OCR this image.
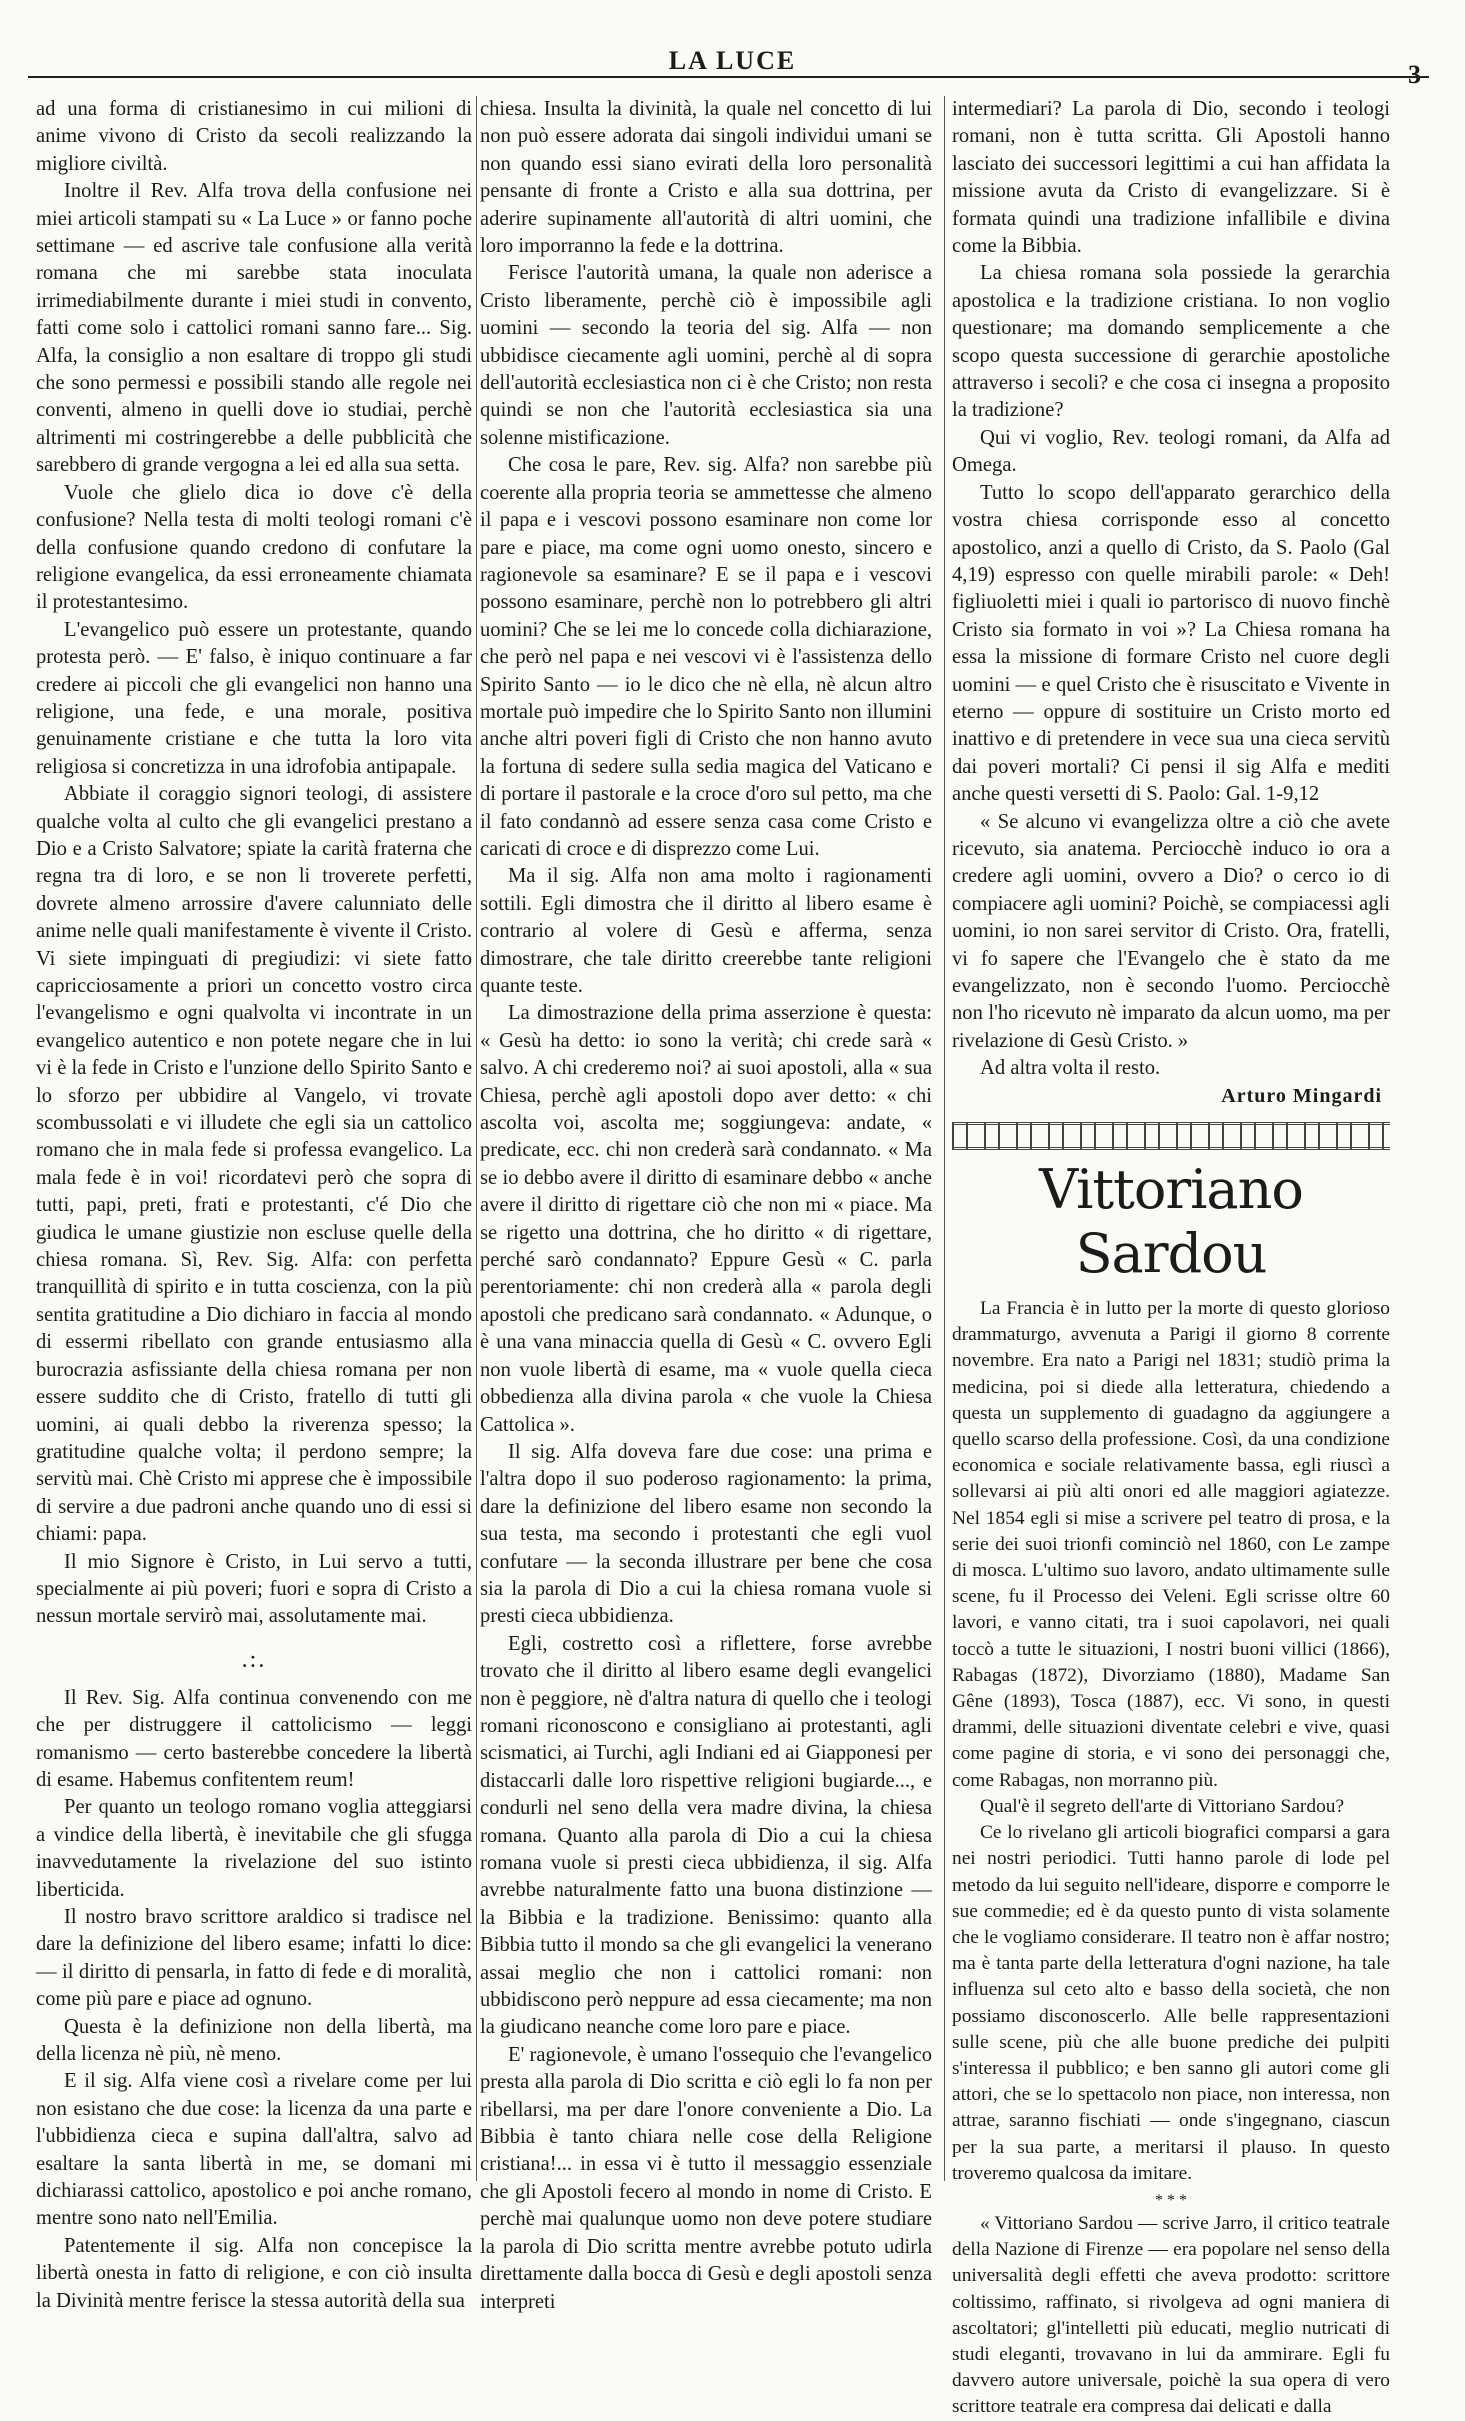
LA LUCE	3

ad una forma di cristianesimo in cui milioni di anime vivono di Cristo da secoli realizzando la migliore civiltà.

Inoltre il Rev. Alfa trova della confusione nei miei articoli stampati su « La Luce » or fanno poche settimane — ed ascrive tale confusione alla verità romana che mi sarebbe stata inoculata irrimediabilmente durante i miei studi in convento, fatti come solo i cattolici romani sanno fare... Sig. Alfa, la consiglio a non esaltare di troppo gli studi che sono permessi e possibili stando alle regole nei conventi, almeno in quelli dove io studiai, perchè altrimenti mi costringerebbe a delle pubblicità che sarebbero di grande vergogna a lei ed alla sua setta.

Vuole che glielo dica io dove c'è della confusione? Nella testa di molti teologi romani c'è della confusione quando credono di confutare la religione evangelica, da essi erroneamente chiamata il protestantesimo.

L'evangelico può essere un protestante, quando protesta però. — E' falso, è iniquo continuare a far credere ai piccoli che gli evangelici non hanno una religione, una fede, e una morale, positiva genuinamente cristiane e che tutta la loro vita religiosa si concretizza in una idrofobia antipapale.

Abbiate il coraggio signori teologi, di assistere qualche volta al culto che gli evangelici prestano a Dio e a Cristo Salvatore; spiate la carità fraterna che regna tra di loro, e se non li troverete perfetti, dovrete almeno arrossire d'avere calunniato delle anime nelle quali manifestamente è vivente il Cristo. Vi siete impinguati di pregiudizi: vi siete fatto capricciosamente a priori un concetto vostro circa l'evangelismo e ogni qualvolta vi incontrate in un evangelico autentico e non potete negare che in lui vi è la fede in Cristo e l'unzione dello Spirito Santo e lo sforzo per ubbidire al Vangelo, vi trovate scombussolati e vi illudete che egli sia un cattolico romano che in mala fede si professa evangelico. La mala fede è in voi! ricordatevi però che sopra di tutti, papi, preti, frati e protestanti, c'é Dio che giudica le umane giustizie non escluse quelle della chiesa romana. Sì, Rev. Sig. Alfa: con perfetta tranquillità di spirito e in tutta coscienza, con la più sentita gratitudine a Dio dichiaro in faccia al mondo di essermi ribellato con grande entusiasmo alla burocrazia asfissiante della chiesa romana per non essere suddito che di Cristo, fratello di tutti gli uomini, ai quali debbo la riverenza spesso; la gratitudine qualche volta; il perdono sempre; la servitù mai. Chè Cristo mi apprese che è impossibile di servire a due padroni anche quando uno di essi si chiami: papa.

Il mio Signore è Cristo, in Lui servo a tutti, specialmente ai più poveri; fuori e sopra di Cristo a nessun mortale servirò mai, assolutamente mai.

.:.

Il Rev. Sig. Alfa continua convenendo con me che per distruggere il cattolicismo — leggi romanismo — certo basterebbe concedere la libertà di esame. Habemus confitentem reum!

Per quanto un teologo romano voglia atteggiarsi a vindice della libertà, è inevitabile che gli sfugga inavvedutamente la rivelazione del suo istinto liberticida.

Il nostro bravo scrittore araldico si tradisce nel dare la definizione del libero esame; infatti lo dice: — il diritto di pensarla, in fatto di fede e di moralità, come più pare e piace ad ognuno.

Questa è la definizione non della libertà, ma della licenza nè più, nè meno.

E il sig. Alfa viene così a rivelare come per lui non esistano che due cose: la licenza da una parte e l'ubbidienza cieca e supina dall'altra, salvo ad esaltare la santa libertà in me, se domani mi dichiarassi cattolico, apostolico e poi anche romano, mentre sono nato nell'Emilia.

Patentemente il sig. Alfa non concepisce la libertà onesta in fatto di religione, e con ciò insulta la Divinità mentre ferisce la stessa autorità della sua

chiesa. Insulta la divinità, la quale nel concetto di lui non può essere adorata dai singoli individui umani se non quando essi siano evirati della loro personalità pensante di fronte a Cristo e alla sua dottrina, per aderire supinamente all'autorità di altri uomini, che loro imporranno la fede e la dottrina.

Ferisce l'autorità umana, la quale non aderisce a Cristo liberamente, perchè ciò è impossibile agli uomini — secondo la teoria del sig. Alfa — non ubbidisce ciecamente agli uomini, perchè al di sopra dell'autorità ecclesiastica non ci è che Cristo; non resta quindi se non che l'autorità ecclesiastica sia una solenne mistificazione.

Che cosa le pare, Rev. sig. Alfa? non sarebbe più coerente alla propria teoria se ammettesse che almeno il papa e i vescovi possono esaminare non come lor pare e piace, ma come ogni uomo onesto, sincero e ragionevole sa esaminare? E se il papa e i vescovi possono esaminare, perchè non lo potrebbero gli altri uomini? Che se lei me lo concede colla dichiarazione, che però nel papa e nei vescovi vi è l'assistenza dello Spirito Santo — io le dico che nè ella, nè alcun altro mortale può impedire che lo Spirito Santo non illumini anche altri poveri figli di Cristo che non hanno avuto la fortuna di sedere sulla sedia magica del Vaticano e di portare il pastorale e la croce d'oro sul petto, ma che il fato condannò ad essere senza casa come Cristo e caricati di croce e di disprezzo come Lui.

Ma il sig. Alfa non ama molto i ragionamenti sottili. Egli dimostra che il diritto al libero esame è contrario al volere di Gesù e afferma, senza dimostrare, che tale diritto creerebbe tante religioni quante teste.

La dimostrazione della prima asserzione è questa: « Gesù ha detto: io sono la verità; chi crede sarà « salvo. A chi crederemo noi? ai suoi apostoli, alla « sua Chiesa, perchè agli apostoli dopo aver detto: « chi ascolta voi, ascolta me; soggiungeva: andate, « predicate, ecc. chi non crederà sarà condannato. « Ma se io debbo avere il diritto di esaminare debbo « anche avere il diritto di rigettare ciò che non mi « piace. Ma se rigetto una dottrina, che ho diritto « di rigettare, perché sarò condannato? Eppure Gesù « C. parla perentoriamente: chi non crederà alla « parola degli apostoli che predicano sarà condannato. « Adunque, o è una vana minaccia quella di Gesù « C. ovvero Egli non vuole libertà di esame, ma « vuole quella cieca obbedienza alla divina parola « che vuole la Chiesa Cattolica ».

Il sig. Alfa doveva fare due cose: una prima e l'altra dopo il suo poderoso ragionamento: la prima, dare la definizione del libero esame non secondo la sua testa, ma secondo i protestanti che egli vuol confutare — la seconda illustrare per bene che cosa sia la parola di Dio a cui la chiesa romana vuole si presti cieca ubbidienza.

Egli, costretto così a riflettere, forse avrebbe trovato che il diritto al libero esame degli evangelici non è peggiore, nè d'altra natura di quello che i teologi romani riconoscono e consigliano ai protestanti, agli scismatici, ai Turchi, agli Indiani ed ai Giapponesi per distaccarli dalle loro rispettive religioni bugiarde..., e condurli nel seno della vera madre divina, la chiesa romana. Quanto alla parola di Dio a cui la chiesa romana vuole si presti cieca ubbidienza, il sig. Alfa avrebbe naturalmente fatto una buona distinzione — la Bibbia e la tradizione. Benissimo: quanto alla Bibbia tutto il mondo sa che gli evangelici la venerano assai meglio che non i cattolici romani: non ubbidiscono però neppure ad essa ciecamente; ma non la giudicano neanche come loro pare e piace.

E' ragionevole, è umano l'ossequio che l'evangelico presta alla parola di Dio scritta e ciò egli lo fa non per ribellarsi, ma per dare l'onore conveniente a Dio. La Bibbia è tanto chiara nelle cose della Religione cristiana!... in essa vi è tutto il messaggio essenziale che gli Apostoli fecero al mondo in nome di Cristo. E perchè mai qualunque uomo non deve potere studiare la parola di Dio scritta mentre avrebbe potuto udirla direttamente dalla bocca di Gesù e degli apostoli senza interpreti

intermediari? La parola di Dio, secondo i teologi romani, non è tutta scritta. Gli Apostoli hanno lasciato dei successori legittimi a cui han affidata la missione avuta da Cristo di evangelizzare. Si è formata quindi una tradizione infallibile e divina come la Bibbia.

La chiesa romana sola possiede la gerarchia apostolica e la tradizione cristiana. Io non voglio questionare; ma domando semplicemente a che scopo questa successione di gerarchie apostoliche attraverso i secoli? e che cosa ci insegna a proposito la tradizione?

Qui vi voglio, Rev. teologi romani, da Alfa ad Omega.

Tutto lo scopo dell'apparato gerarchico della vostra chiesa corrisponde esso al concetto apostolico, anzi a quello di Cristo, da S. Paolo (Gal 4,19) espresso con quelle mirabili parole: « Deh! figliuoletti miei i quali io partorisco di nuovo finchè Cristo sia formato in voi »? La Chiesa romana ha essa la missione di formare Cristo nel cuore degli uomini — e quel Cristo che è risuscitato e Vivente in eterno — oppure di sostituire un Cristo morto ed inattivo e di pretendere in vece sua una cieca servitù dai poveri mortali? Ci pensi il sig Alfa e mediti anche questi versetti di S. Paolo: Gal. 1-9,12

« Se alcuno vi evangelizza oltre a ciò che avete ricevuto, sia anatema. Perciocchè induco io ora a credere agli uomini, ovvero a Dio? o cerco io di compiacere agli uomini? Poichè, se compiacessi agli uomini, io non sarei servitor di Cristo. Ora, fratelli, vi fo sapere che l'Evangelo che è stato da me evangelizzato, non è secondo l'uomo. Perciocchè non l'ho ricevuto nè imparato da alcun uomo, ma per rivelazione di Gesù Cristo. »

Ad altra volta il resto.

Arturo Mingardi
Vittoriano Sardou

La Francia è in lutto per la morte di questo glorioso drammaturgo, avvenuta a Parigi il giorno 8 corrente novembre. Era nato a Parigi nel 1831; studiò prima la medicina, poi si diede alla letteratura, chiedendo a questa un supplemento di guadagno da aggiungere a quello scarso della professione. Così, da una condizione economica e sociale relativamente bassa, egli riuscì a sollevarsi ai più alti onori ed alle maggiori agiatezze. Nel 1854 egli si mise a scrivere pel teatro di prosa, e la serie dei suoi trionfi cominciò nel 1860, con Le zampe di mosca. L'ultimo suo lavoro, andato ultimamente sulle scene, fu il Processo dei Veleni. Egli scrisse oltre 60 lavori, e vanno citati, tra i suoi capolavori, nei quali toccò a tutte le situazioni, I nostri buoni villici (1866), Rabagas (1872), Divorziamo (1880), Madame San Gêne (1893), Tosca (1887), ecc. Vi sono, in questi drammi, delle situazioni diventate celebri e vive, quasi come pagine di storia, e vi sono dei personaggi che, come Rabagas, non morranno più.

Qual'è il segreto dell'arte di Vittoriano Sardou?

Ce lo rivelano gli articoli biografici comparsi a gara nei nostri periodici. Tutti hanno parole di lode pel metodo da lui seguito nell'ideare, disporre e comporre le sue commedie; ed è da questo punto di vista solamente che le vogliamo considerare. Il teatro non è affar nostro; ma è tanta parte della letteratura d'ogni nazione, ha tale influenza sul ceto alto e basso della società, che non possiamo disconoscerlo. Alle belle rappresentazioni sulle scene, più che alle buone prediche dei pulpiti s'interessa il pubblico; e ben sanno gli autori come gli attori, che se lo spettacolo non piace, non interessa, non attrae, saranno fischiati — onde s'ingegnano, ciascun per la sua parte, a meritarsi il plauso. In questo troveremo qualcosa da imitare.

* * *

« Vittoriano Sardou — scrive Jarro, il critico teatrale della Nazione di Firenze — era popolare nel senso della universalità degli effetti che aveva prodotto: scrittore coltissimo, raffinato, si rivolgeva ad ogni maniera di ascoltatori; gl'intelletti più educati, meglio nutricati di studi eleganti, trovavano in lui da ammirare. Egli fu davvero autore universale, poichè la sua opera di vero scrittore teatrale era compresa dai delicati e dalla
